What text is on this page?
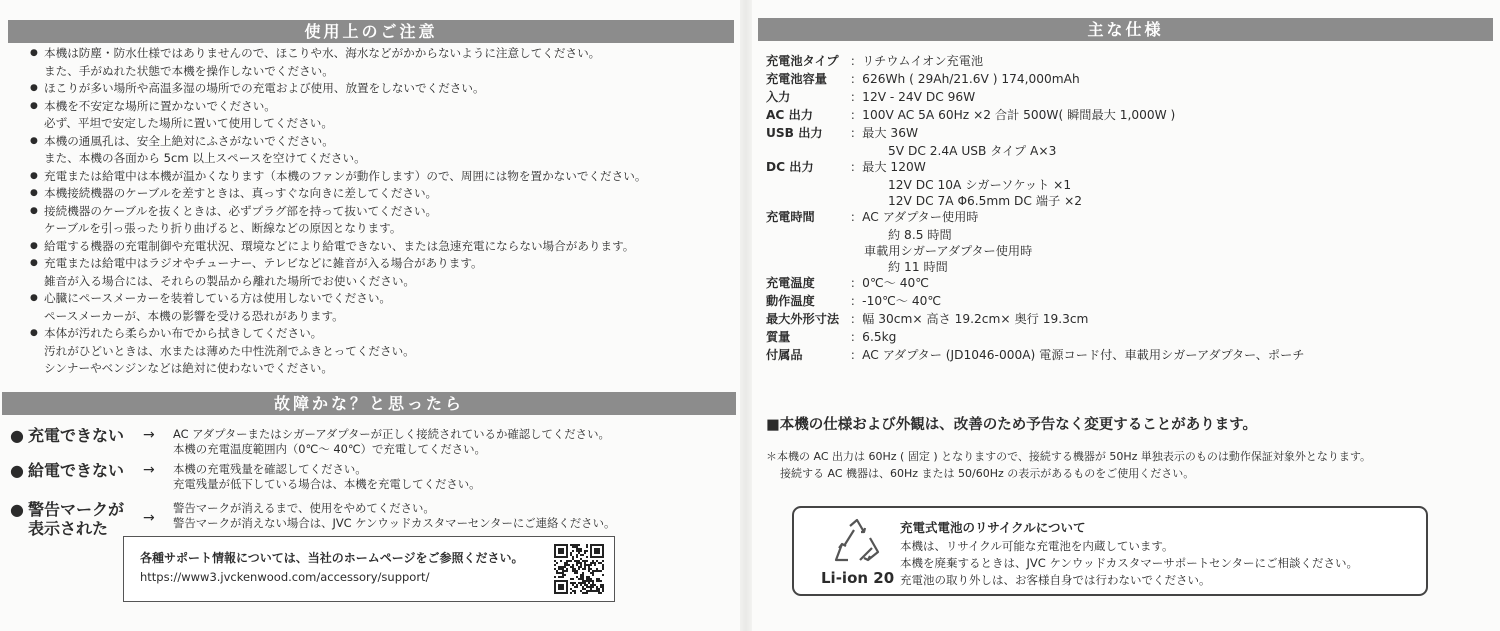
使用上のご注意
● 本機は防塵・防水仕様ではありませんので、ほこりや水、海水などがかからないように注意してください。
また、手がぬれた状態で本機を操作しないでください。
● ほこりが多い場所や高温多湿の場所での充電および使用、放置をしないでください。
● 本機を不安定な場所に置かないでください。
必ず、平坦で安定した場所に置いて使用してください。
● 本機の通風孔は、安全上絶対にふさがないでください。
また、本機の各面から 5cm 以上スペースを空けてください。
● 充電または給電中は本機が温かくなります（本機のファンが動作します）ので、周囲には物を置かないでください。
● 本機接続機器のケーブルを差すときは、真っすぐな向きに差してください。
● 接続機器のケーブルを抜くときは、必ずプラグ部を持って抜いてください。
ケーブルを引っ張ったり折り曲げると、断線などの原因となります。
● 給電する機器の充電制御や充電状況、環境などにより給電できない、または急速充電にならない場合があります。
● 充電または給電中はラジオやチューナー、テレビなどに雑音が入る場合があります。
雑音が入る場合には、それらの製品から離れた場所でお使いください。
● 心臓にペースメーカーを装着している方は使用しないでください。
ペースメーカーが、本機の影響を受ける恐れがあります。
● 本体が汚れたら柔らかい布でから拭きしてください。
汚れがひどいときは、水または薄めた中性洗剤でふきとってください。
シンナーやベンジンなどは絶対に使わないでください。
故障かな？と思ったら
● 充電できない → AC アダプターまたはシガーアダプターが正しく接続されているか確認してください。
本機の充電温度範囲内（0℃～ 40℃）で充電してください。
● 給電できない → 本機の充電残量を確認してください。
充電残量が低下している場合は、本機を充電してください。
● 警告マークが
表示された
→
警告マークが消えるまで、使用をやめてください。
警告マークが消えない場合は、JVC ケンウッドカスタマーセンターにご連絡ください。
各種サポート情報については、当社のホームページをご参照ください。
https://www3.jvckenwood.com/accessory/support/
主な仕様
充電池タイプ ：リチウムイオン充電池
充電池容量 ：626Wh ( 29Ah/21.6V ) 174,000mAh
入力	：12V - 24V DC 96W
AC 出力	：100V AC 5A 60Hz ×2 合計 500W( 瞬間最大 1,000W )
USB 出力 ：最大 36W
5V DC 2.4A USB タイプ A×3
DC 出力	：最大 120W
12V DC 10A シガーソケット ×1
12V DC 7A Φ6.5mm DC 端子 ×2
充電時間	：AC アダプター使用時
約 8.5 時間
車載用シガーアダプター使用時
約 11 時間
充電温度	：0℃～ 40℃
動作温度	：-10℃～ 40℃
最大外形寸法 ：幅 30cm× 高さ 19.2cm× 奥行 19.3cm
質量	：6.5kg
付属品	：AC アダプター (JD1046-000A) 電源コード付、車載用シガーアダプター、ポーチ
■本機の仕様および外観は、改善のため予告なく変更することがあります。
＊本機の AC 出力は 60Hz ( 固定 ) となりますので、接続する機器が 50Hz 単独表示のものは動作保証対象外となります。
接続する AC 機器は、60Hz または 50/60Hz の表示があるものをご使用ください。
Li-ion 20
充電式電池のリサイクルについて
本機は、リサイクル可能な充電池を内蔵しています。
本機を廃棄するときは、JVC ケンウッドカスタマーサポートセンターにご相談ください。
充電池の取り外しは、お客様自身では行わないでください。
